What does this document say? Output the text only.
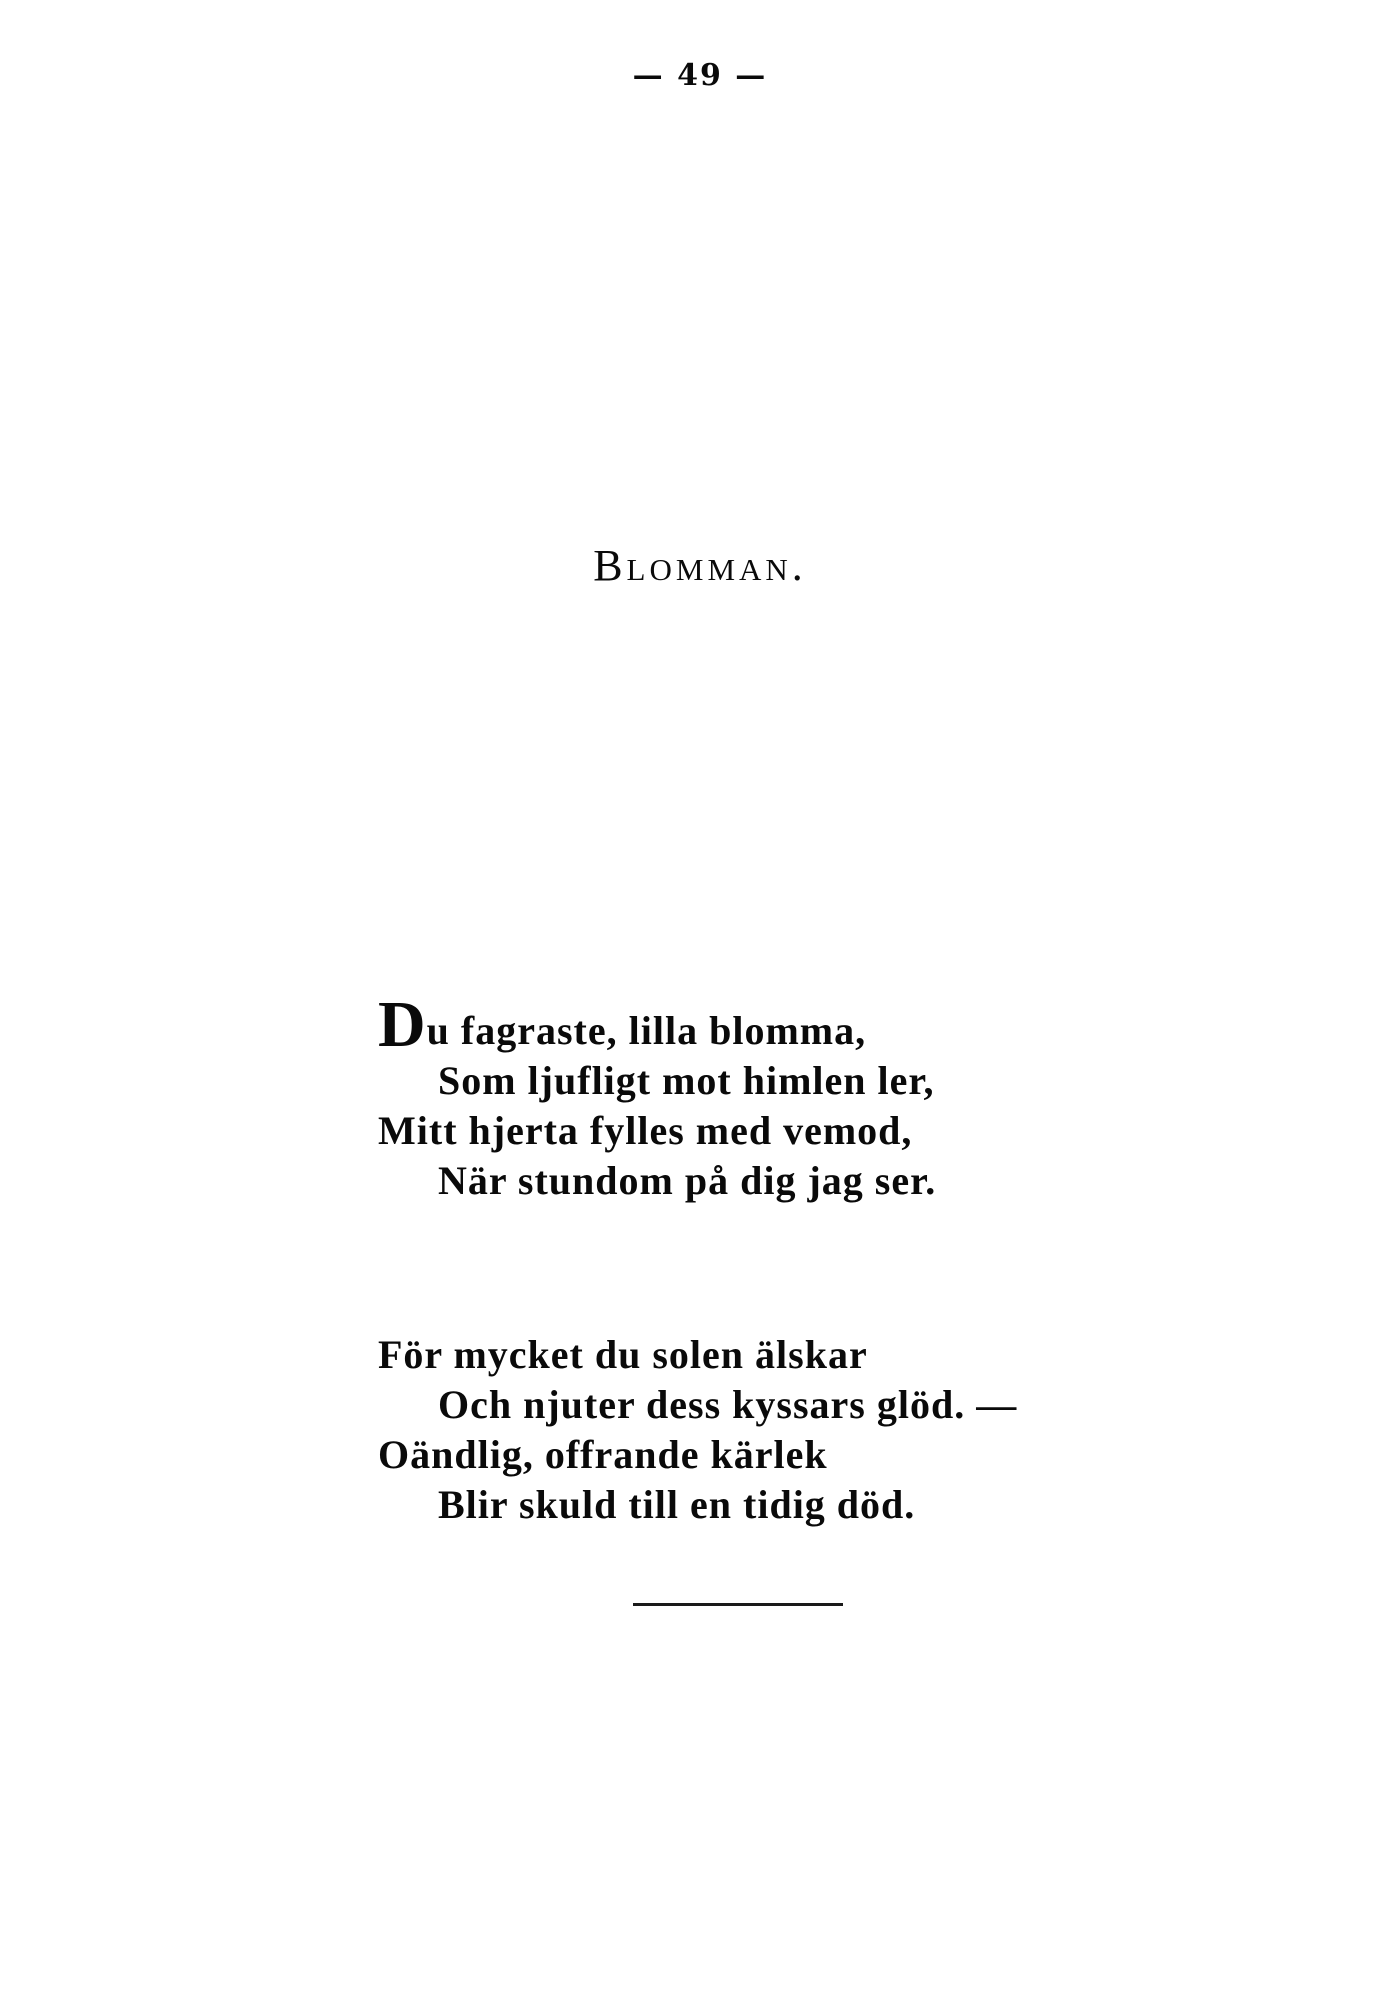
— 49 —
Blomman.
Du fagraste, lilla blomma,
Som ljufligt mot himlen ler,
Mitt hjerta fylles med vemod,
När stundom på dig jag ser.
För mycket du solen älskar
Och njuter dess kyssars glöd. —
Oändlig, offrande kärlek
Blir skuld till en tidig död.
